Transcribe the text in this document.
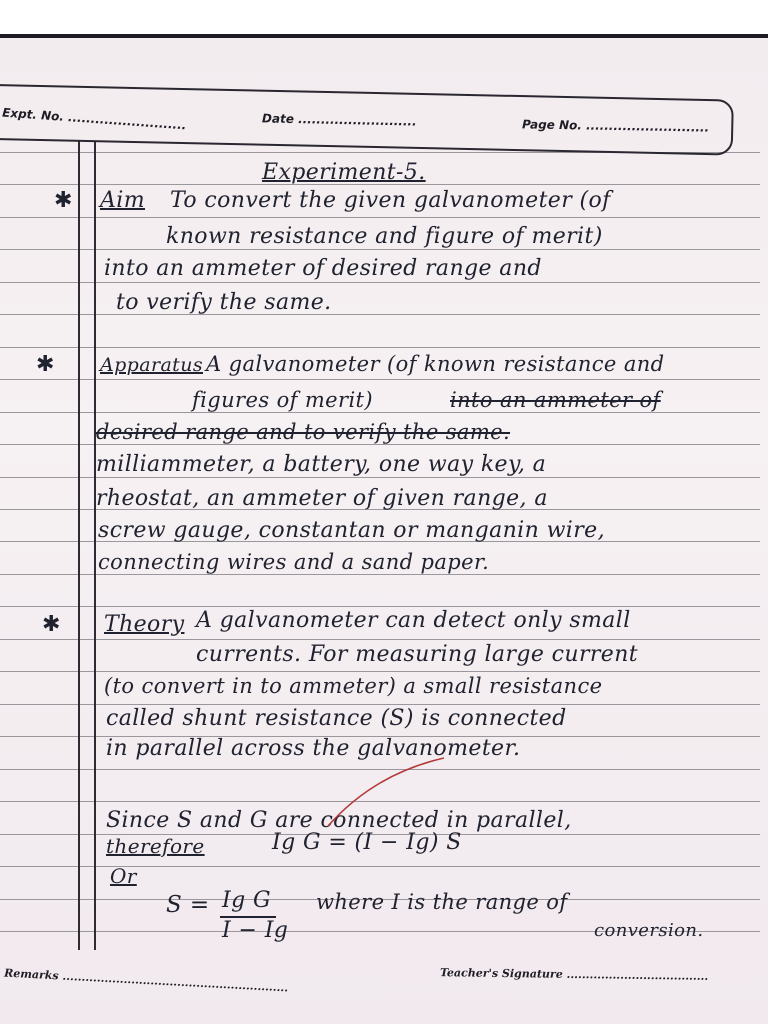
Expt. No. ..........................	Date ..........................	Page No. ...........................
Experiment-5.
✱ Aim To convert the given galvanometer (of
known resistance and figure of merit)
into an ammeter of desired range and
to verify the same.
✱ Apparatus A galvanometer (of known resistance and
figures of merit)	into an ammeter of
desired range and to verify the same.
milliammeter, a battery, one way key, a
rheostat, an ammeter of given range, a
screw gauge, constantan or manganin wire,
connecting wires and a sand paper.
✱ Theory A galvanometer can detect only small
currents. For measuring large current
(to convert in to ammeter) a small resistance
called shunt resistance (S) is connected
in parallel across the galvanometer.
Since S and G are connected in parallel,
therefore	Ig G = (I − Ig) S
Or
S = Ig G
I − Ig
where I is the range of
conversion.
Remarks ...........................................................	Teacher's Signature .....................................
